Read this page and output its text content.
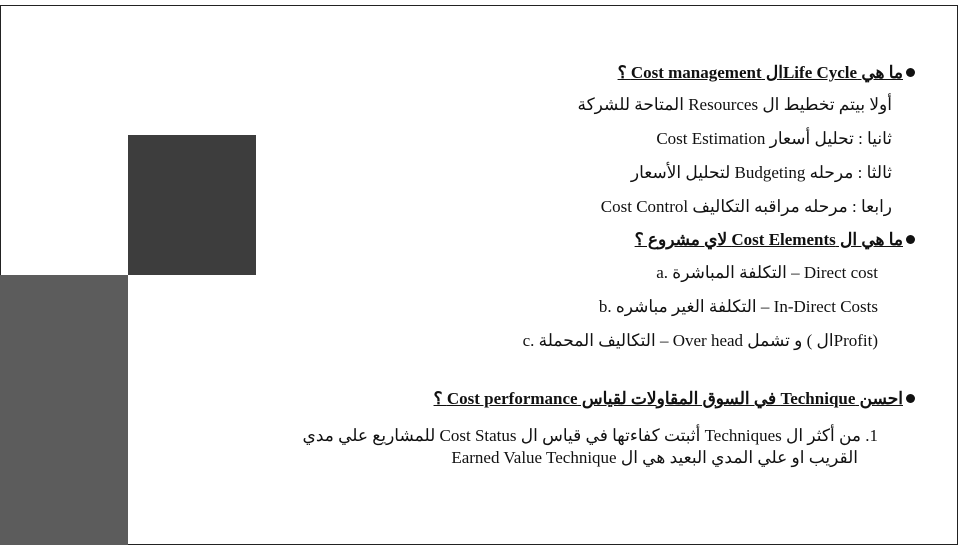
ما هي Life Cycleال Cost management ؟
أولا بيتم تخطيط ال Resources المتاحة للشركة
ثانيا : تحليل أسعار Cost Estimation
ثالثا : مرحله Budgeting لتحليل الأسعار
رابعا : مرحله مراقبه التكاليف Cost Control
ما هي ال Cost Elements لاي مشروع ؟
a. التكلفة المباشرة – Direct cost
b. التكلفة الغير مباشره – In-Direct Costs
c. التكاليف المحملة – Over head و تشمل ( الProfit)
احسن Technique في السوق المقاولات لقياس Cost performance ؟
1. من أكثر ال Techniques أثبتت كفاءتها في قياس ال Cost Status للمشاريع علي مدي
القريب او علي المدي البعيد هي ال Earned Value Technique
